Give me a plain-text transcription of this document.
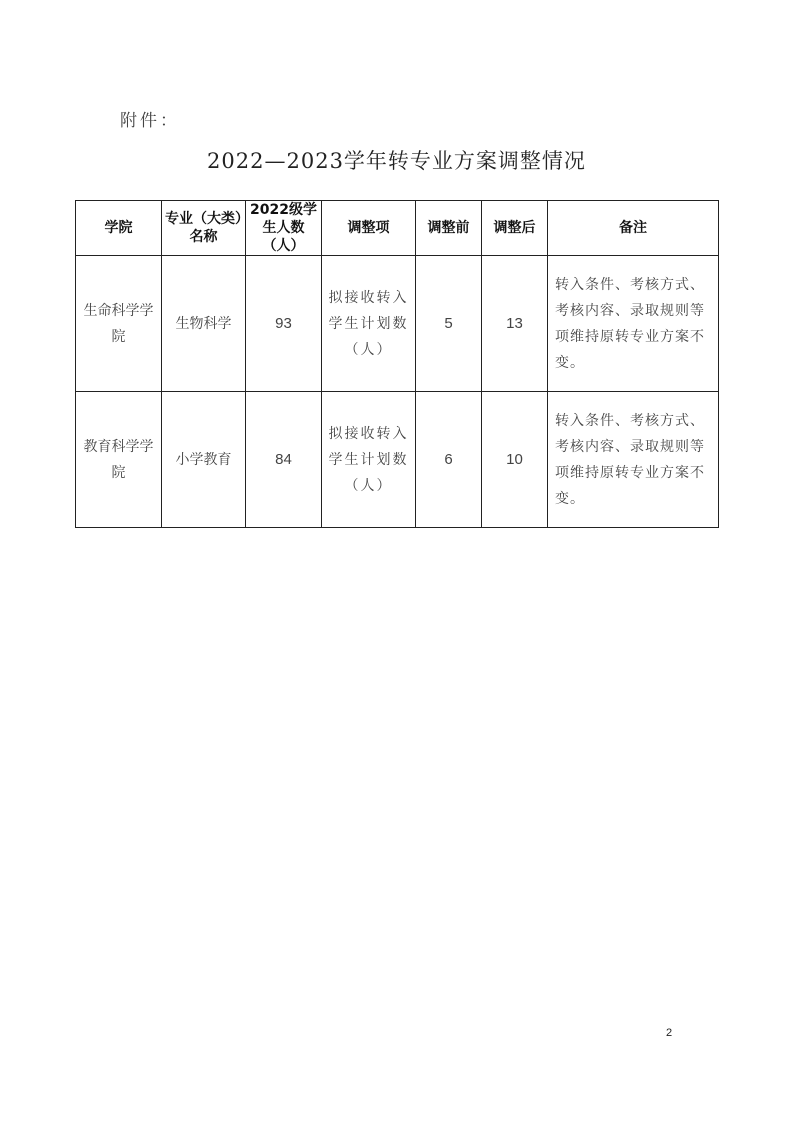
附件：
2022—2023学年转专业方案调整情况
学院	专业（大类）名称	2022级学生人数（人）	调整项	调整前	调整后	备注
生命科学学院	生物科学	93	拟接收转入学生计划数（人）	5	13	转入条件、考核方式、考核内容、录取规则等项维持原转专业方案不变。
教育科学学院	小学教育	84	拟接收转入学生计划数（人）	6	10	转入条件、考核方式、考核内容、录取规则等项维持原转专业方案不变。
2
